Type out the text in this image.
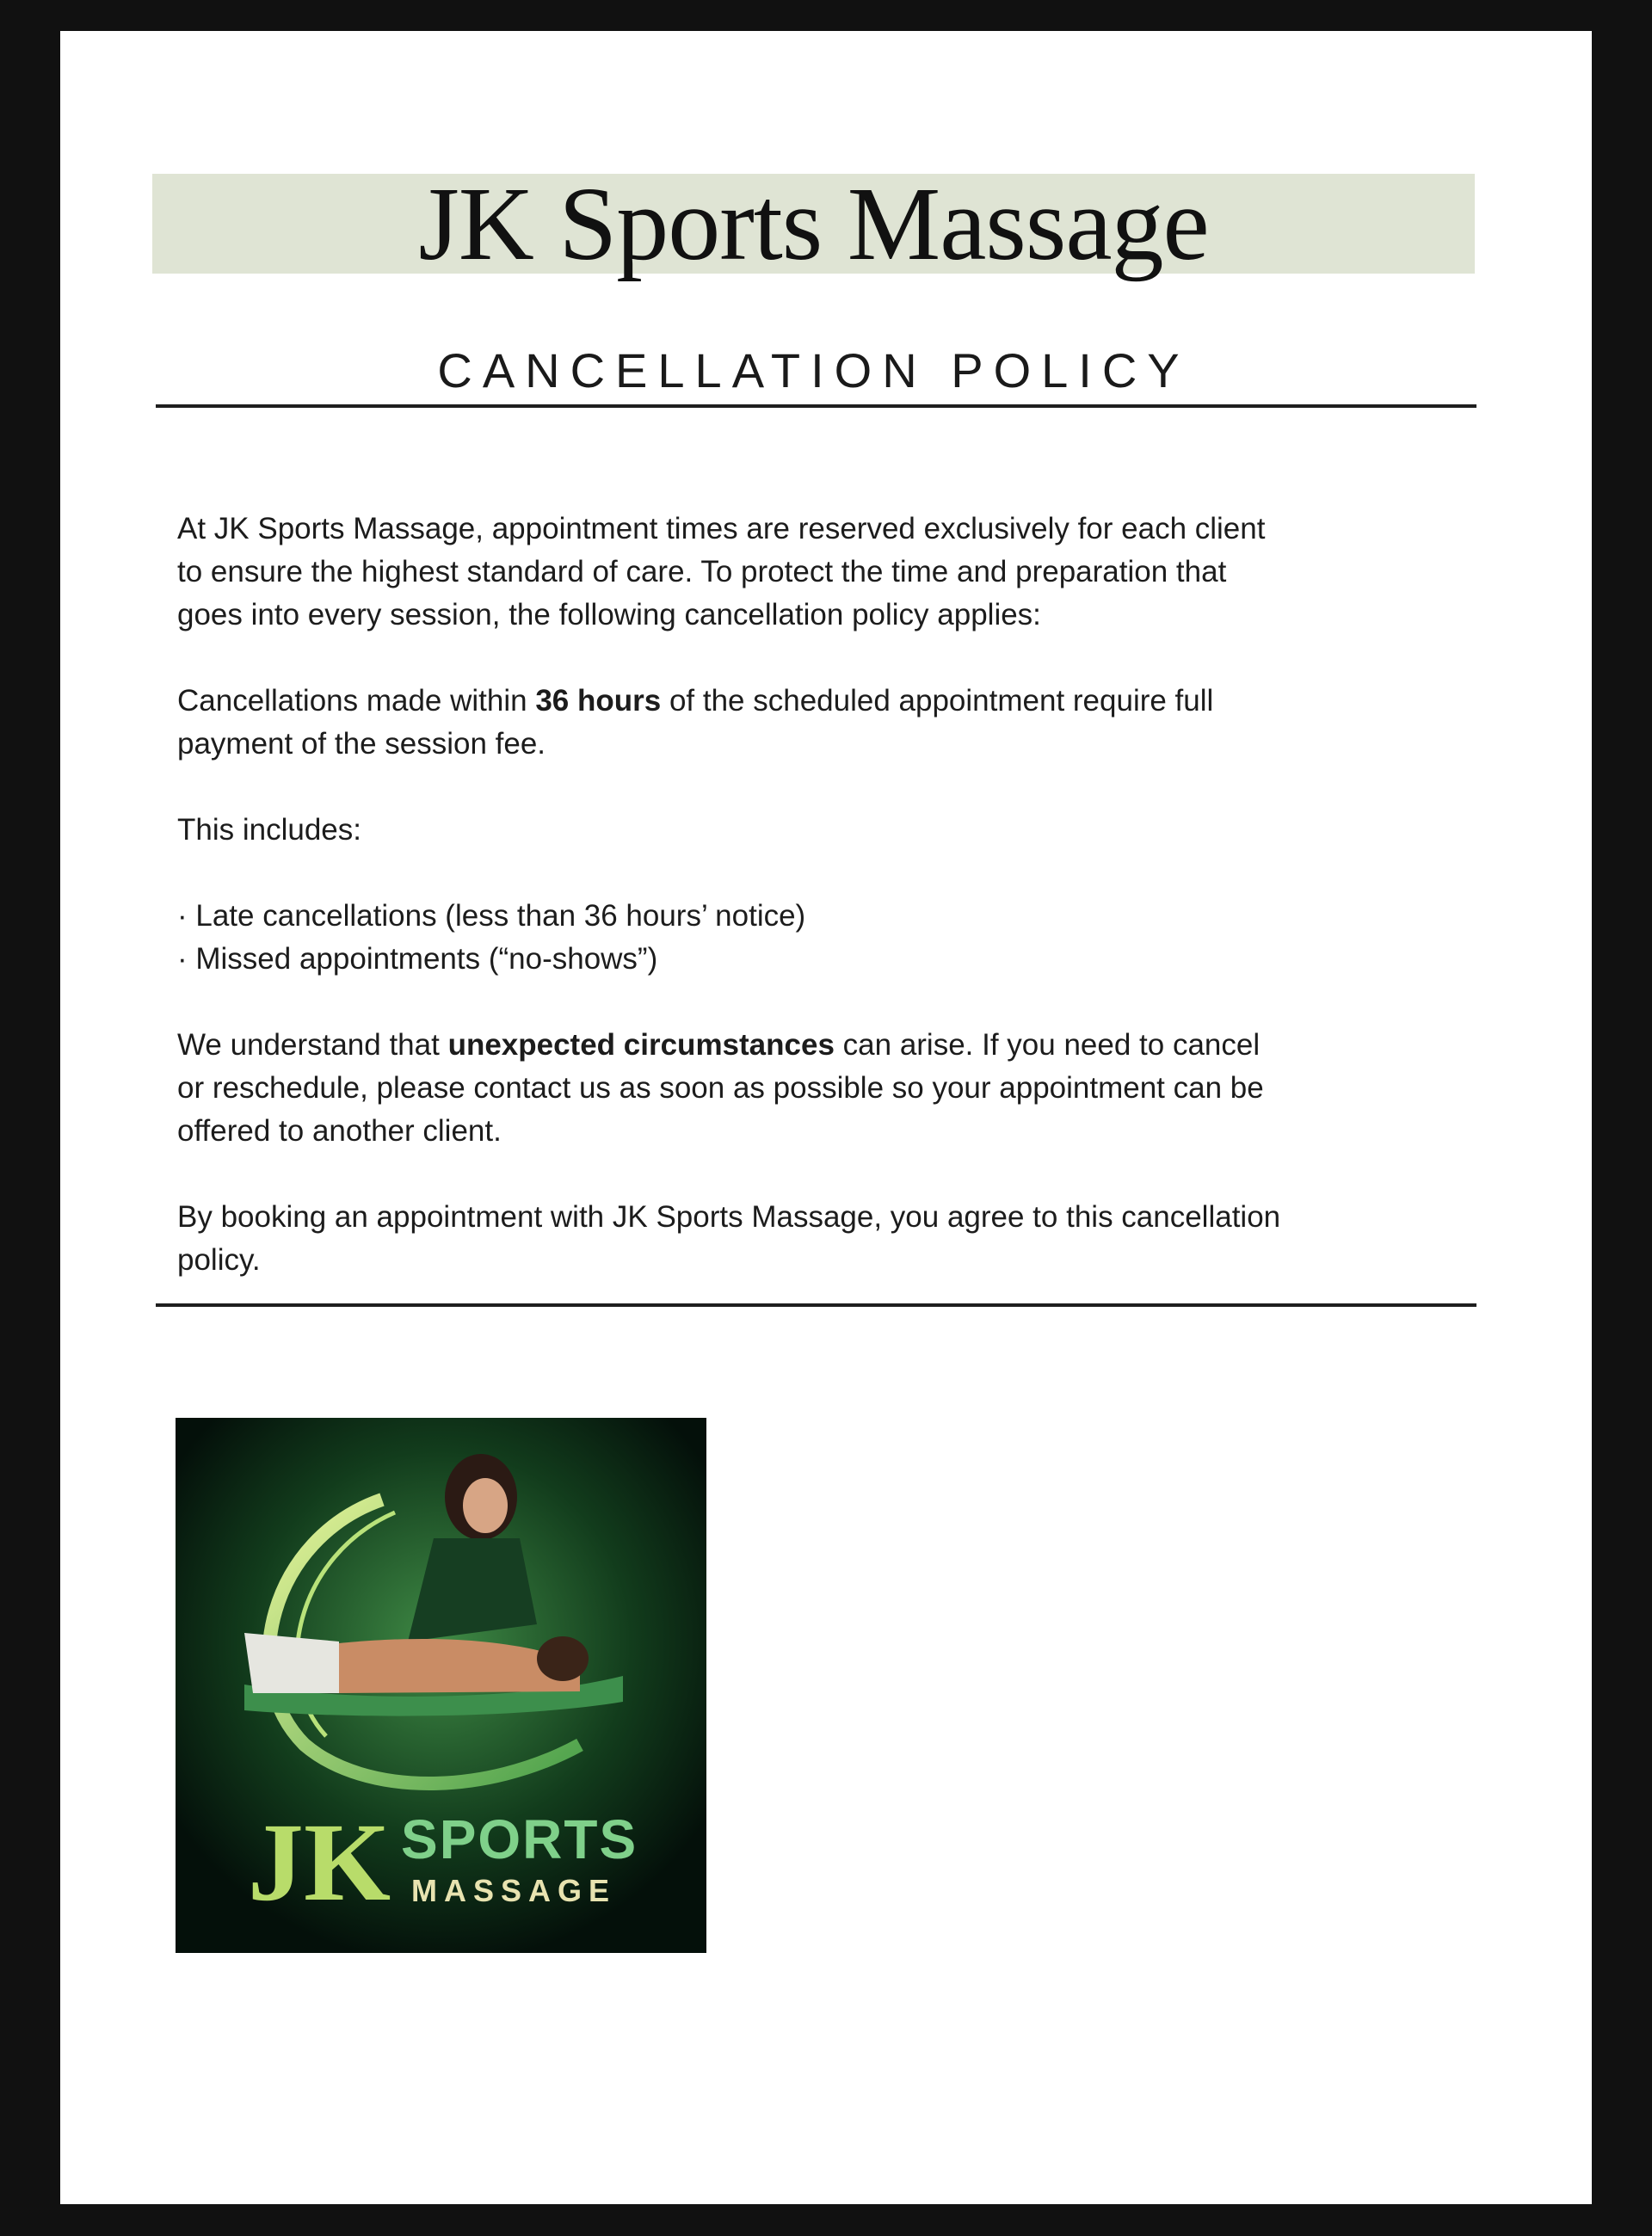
JK Sports Massage
CANCELLATION POLICY
At JK Sports Massage, appointment times are reserved exclusively for each client
to ensure the highest standard of care. To protect the time and preparation that
goes into every session, the following cancellation policy applies:
Cancellations made within 36 hours of the scheduled appointment require full
payment of the session fee.
This includes:
· Late cancellations (less than 36 hours’ notice)
· Missed appointments (“no-shows”)
We understand that unexpected circumstances can arise. If you need to cancel
or reschedule, please contact us as soon as possible so your appointment can be
offered to another client.
By booking an appointment with JK Sports Massage, you agree to this cancellation
policy.
JK SPORTS
MASSAGE
